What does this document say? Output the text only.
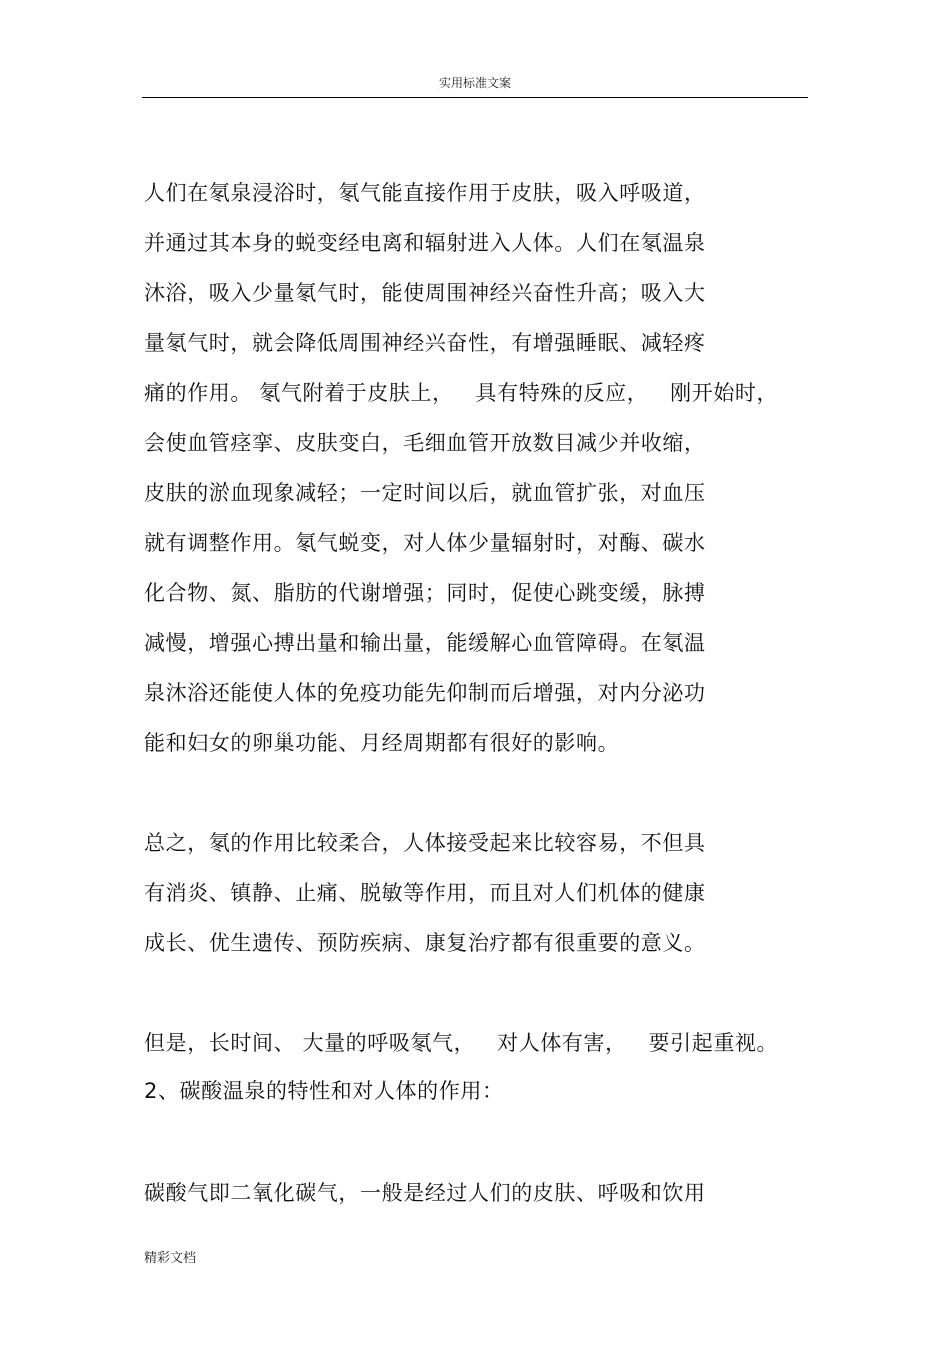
实用标准文案
人们在氡泉浸浴时，氡气能直接作用于皮肤，吸入呼吸道，
并通过其本身的蜕变经电离和辐射进入人体。人们在氡温泉
沐浴，吸入少量氡气时，能使周围神经兴奋性升高；吸入大
量氡气时，就会降低周围神经兴奋性，有增强睡眠、减轻疼
痛的作用。 氡气附着于皮肤上，   具有特殊的反应，   刚开始时，
会使血管痉挛、皮肤变白，毛细血管开放数目减少并收缩，
皮肤的淤血现象减轻；一定时间以后，就血管扩张，对血压
就有调整作用。氡气蜕变，对人体少量辐射时，对酶、碳水
化合物、氮、脂肪的代谢增强；同时，促使心跳变缓，脉搏
减慢，增强心搏出量和输出量，能缓解心血管障碍。在氡温
泉沐浴还能使人体的免疫功能先仰制而后增强，对内分泌功
能和妇女的卵巢功能、月经周期都有很好的影响。
总之，氡的作用比较柔合，人体接受起来比较容易，不但具
有消炎、镇静、止痛、脱敏等作用，而且对人们机体的健康
成长、优生遗传、预防疾病、康复治疗都有很重要的意义。
但是，长时间、 大量的呼吸氡气，   对人体有害，   要引起重视。
2、碳酸温泉的特性和对人体的作用：
碳酸气即二氧化碳气，一般是经过人们的皮肤、呼吸和饮用
精彩文档
